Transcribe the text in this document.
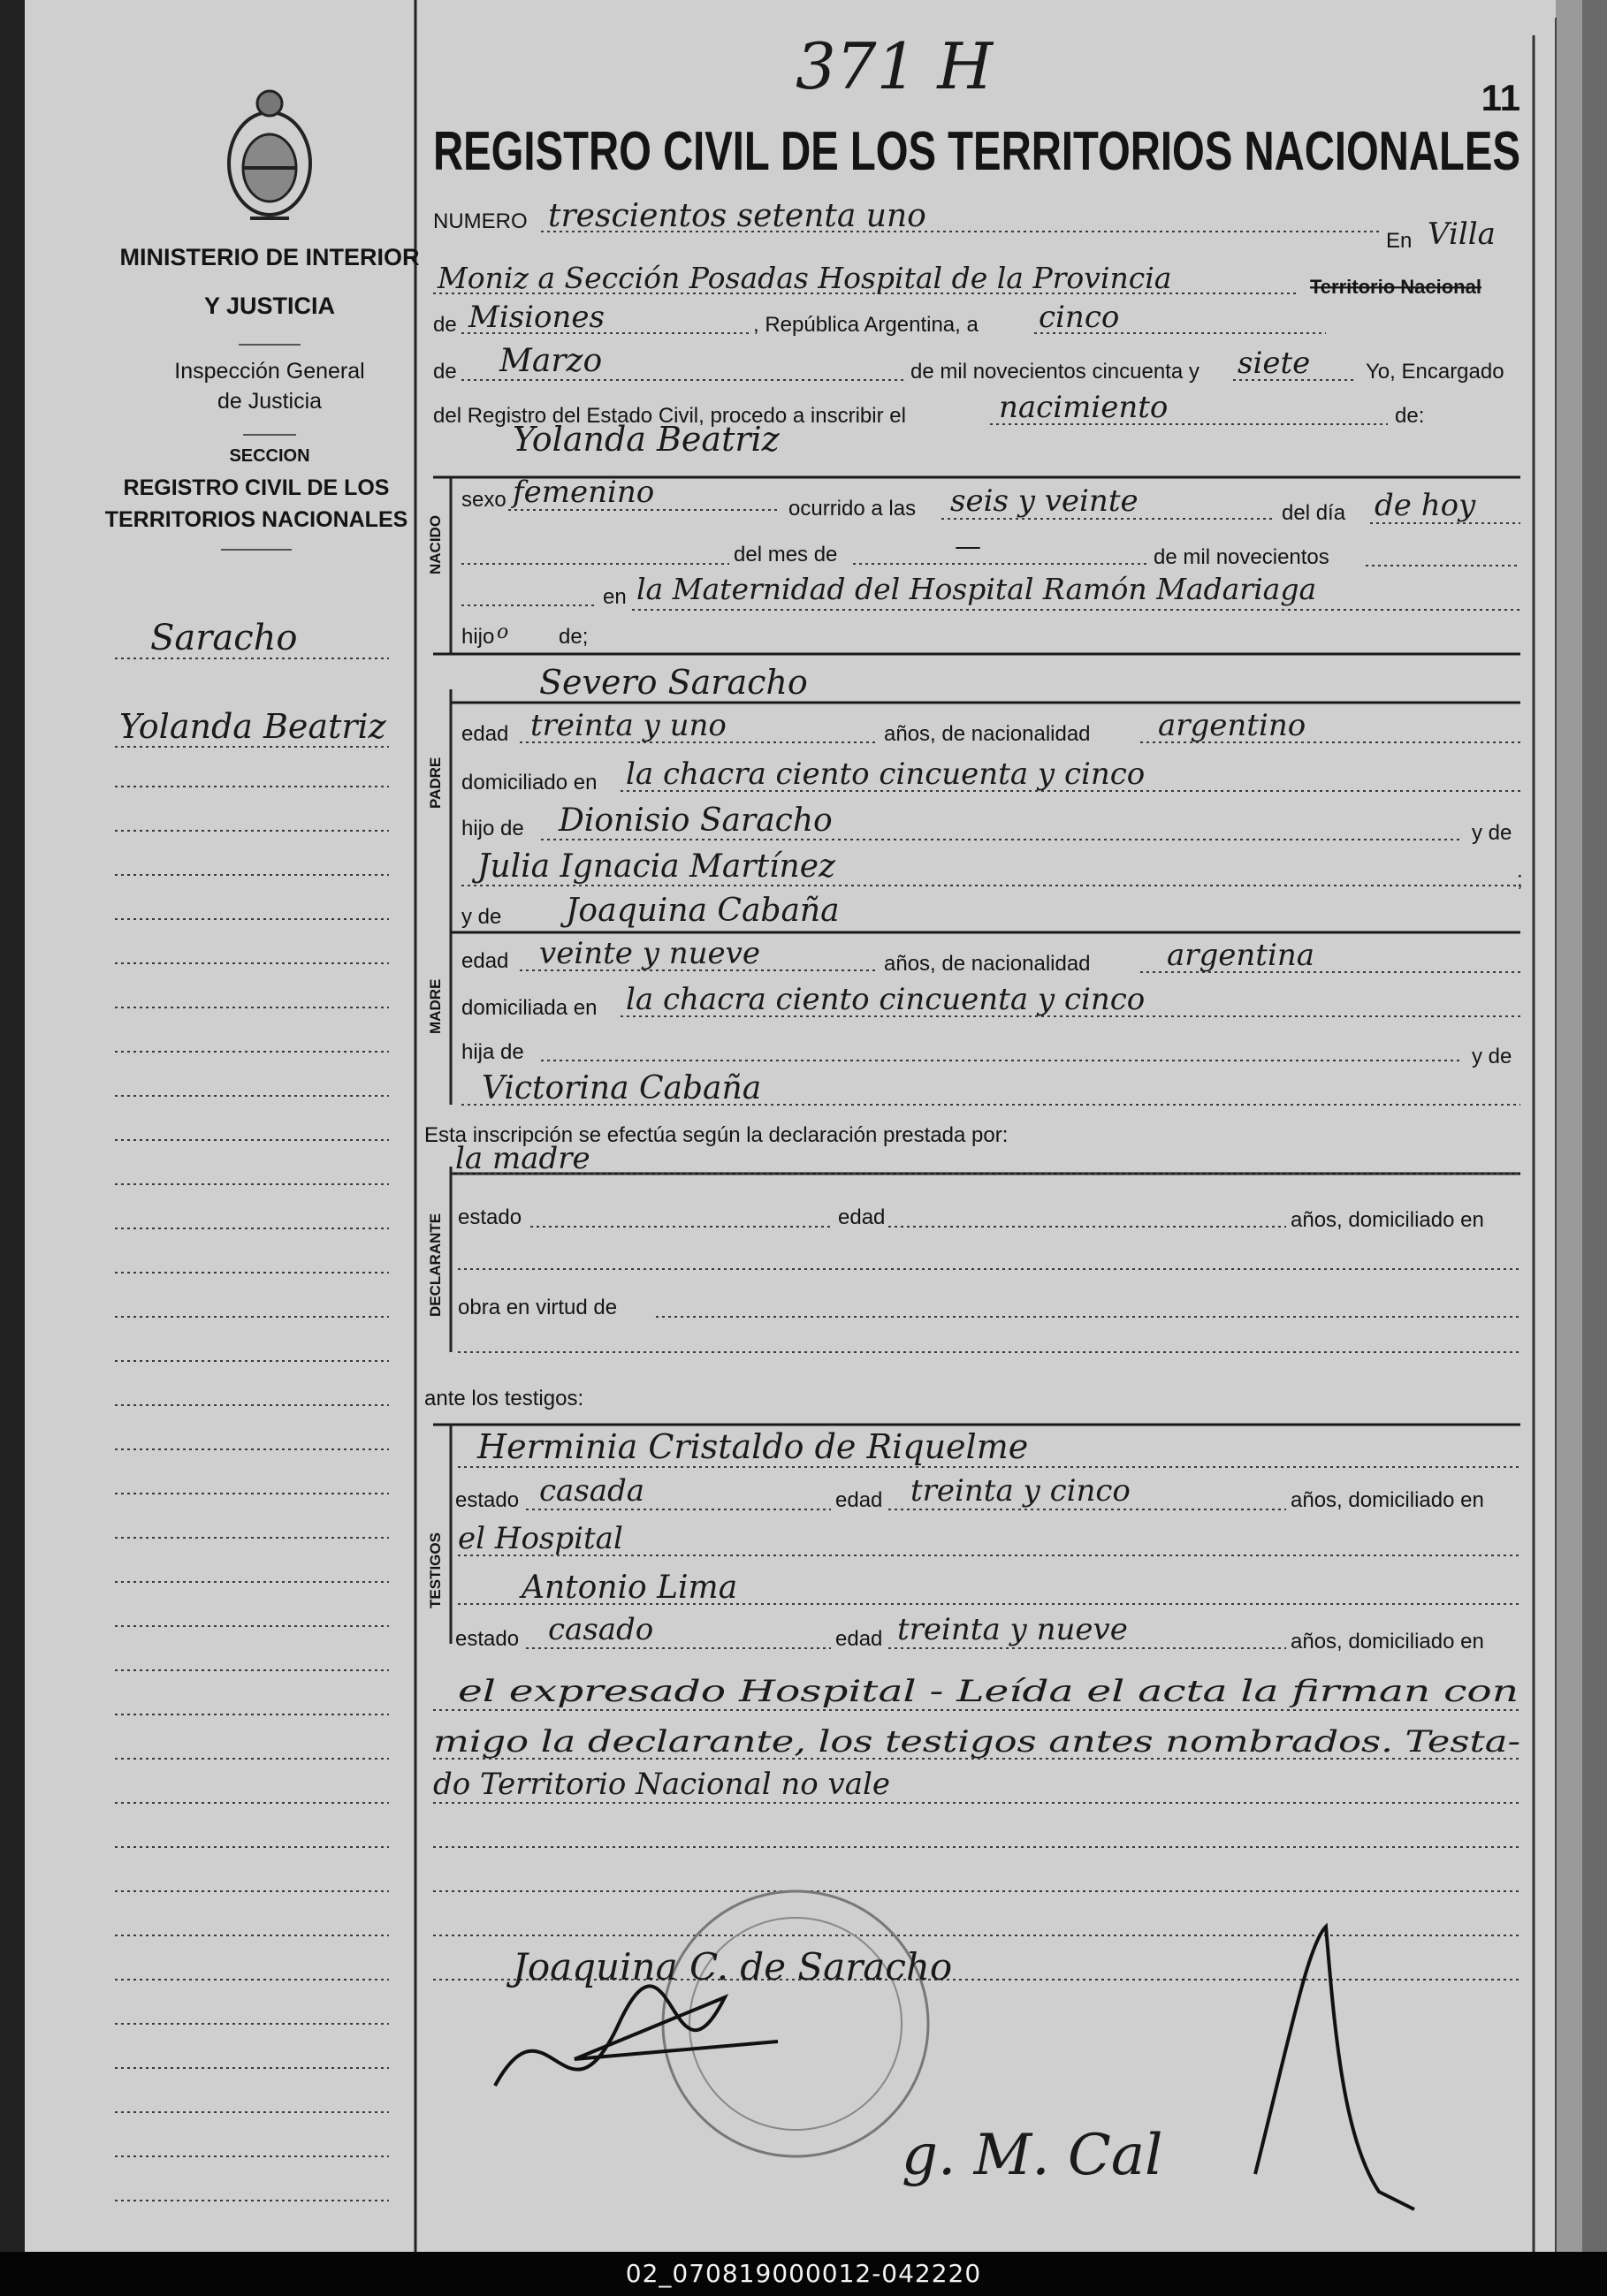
MINISTERIO DE INTERIOR
Y JUSTICIA
Inspección General
de Justicia
SECCION
REGISTRO CIVIL DE LOS
TERRITORIOS NACIONALES
Saracho
Yolanda Beatriz
11
371 H
REGISTRO CIVIL DE LOS TERRITORIOS NACIONALES
NUMERO trescientos setenta uno
En Villa
Moniz a Sección Posadas Hospital de la Provincia	Territorio Nacional
de Misiones	, República Argentina, a cinco
de Marzo	de mil novecientos cincuenta y siete	Yo, Encargado
del Registro del Estado Civil, procedo a inscribir el	nacimiento	de:
Yolanda Beatriz
NACIDO
sexo femenino	ocurrido a las seis y veinte	del día de hoy
del mes de	—	de mil novecientos
en la Maternidad del Hospital Ramón Madariaga
hijo o de;
Severo Saracho
PADRE
edad treinta y uno	años, de nacionalidad argentino
domiciliado en la chacra ciento cincuenta y cinco
hijo de Dionisio Saracho	y de
Julia Ignacia Martínez	;
y de Joaquina Cabaña
MADRE
edad veinte y nueve	años, de nacionalidad	argentina
domiciliada en la chacra ciento cincuenta y cinco
hija de	y de
Victorina Cabaña
Esta inscripción se efectúa según la declaración prestada por:
la madre
DECLARANTE estado	edad	años, domiciliado en
obra en virtud de
ante los testigos:
TESTIGOS
Herminia Cristaldo de Riquelme
estado casada	edad treinta y cinco	años, domiciliado en
el Hospital
Antonio Lima
estado casado	edad treinta y nueve	años, domiciliado en
el expresado Hospital - Leída el acta la firman con
migo la declarante, los testigos antes nombrados. Testa-
do Territorio Nacional no vale
Joaquina C. de Saracho
g. M. Cal
02_070819000012-042220
